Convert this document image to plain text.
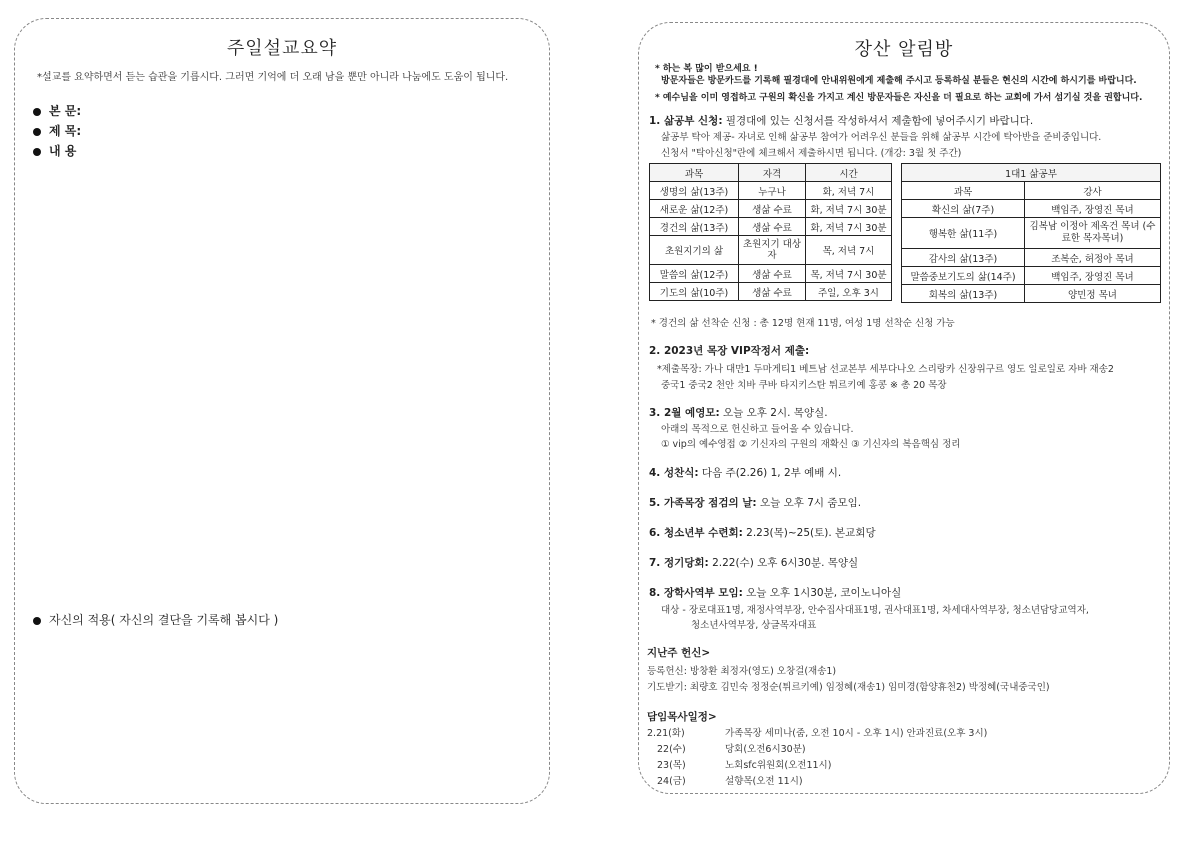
주일설교요약
*설교를 요약하면서 듣는 습관을 기릅시다. 그러면 기억에 더 오래 남을 뿐만 아니라 나눔에도 도움이 됩니다.
본 문:
제 목:
내 용
자신의 적용( 자신의 결단을 기록해 봅시다 )
장산 알림방
* 하는 복 많이 받으세요 !
방문자들은 방문카드를 기록해 필경대에 안내위원에게 제출해 주시고 등록하실 분들은 현신의 시간에 하시기를 바랍니다.
* 예수님을 이미 영접하고 구원의 확신을 가지고 계신 방문자들은 자신을 더 필요로 하는 교회에 가서 섬기실 것을 권합니다.
1. 삶공부 신청: 필경대에 있는 신청서를 작성하셔서 제출함에 넣어주시기 바랍니다.
삶공부 탁아 제공- 자녀로 인해 삶공부 참여가 어려우신 분들을 위해 삶공부 시간에 탁아반을 준비중입니다.
신청서 "탁아신청"란에 체크해서 제출하시면 됩니다. (개강: 3월 첫 주간)
과목	자격	시간
생명의 삶(13주)	누구나	화, 저녁 7시
새로운 삶(12주)	생삶 수료	화, 저녁 7시 30분
경건의 삶(13주)	생삶 수료	화, 저녁 7시 30분
초원지기의 삶	초원지기 대상자	목, 저녁 7시
말씀의 삶(12주)	생삶 수료	목, 저녁 7시 30분
기도의 삶(10주)	생삶 수료	주일, 오후 3시
1대1 삶공부	
과목	강사
확신의 삶(7주)	백임주, 장영진 목녀
행복한 삶(11주)	김복남 이정아 제옥건 목녀 (수료한 목자목녀)
감사의 삶(13주)	조복순, 허정아 목녀
말씀중보기도의 삶(14주)	백임주, 장영진 목녀
회복의 삶(13주)	양민정 목녀
* 경건의 삶 선착순 신청 : 총 12명 현재 11명, 여성 1명 선착순 신청 가능
2. 2023년 목장 VIP작정서 제출:
*제출목장: 가나 대만1 두마게티1 베트남 선교본부 세부다나오 스리랑카 신장위구르 영도 일로일로 자바 재송2
중국1 중국2 천안 치바 쿠바 타지키스탄 튀르키예 홍콩 ※ 총 20 목장
3. 2월 예영모: 오늘 오후 2시. 목양실.
아래의 목적으로 헌신하고 들어올 수 있습니다.
① vip의 예수영접 ② 기신자의 구원의 재확신 ③ 기신자의 복음핵심 정리
4. 성찬식: 다음 주(2.26) 1, 2부 예배 시.
5. 가족목장 점검의 날: 오늘 오후 7시 줌모임.
6. 청소년부 수련회: 2.23(목)~25(토). 본교회당
7. 정기당회: 2.22(수) 오후 6시30분. 목양실
8. 장학사역부 모임: 오늘 오후 1시30분, 코이노니아실
대상 - 장로대표1명, 재정사역부장, 안수집사대표1명, 권사대표1명, 차세대사역부장, 청소년담당교역자,
청소년사역부장, 상글목자대표
지난주 헌신>
등록헌신: 방창환 최정자(영도) 오창걸(재송1)
기도받기: 최량호 김민숙 정정순(튀르키예) 임정혜(재송1) 임미경(함양휴천2) 박정혜(국내중국인)
담임목사일정>
2.21(화)	가족목장 세미나(줌, 오전 10시 - 오후 1시) 안과진료(오후 3시)
22(수)	당회(오전6시30분)
23(목)	노회sfc위원회(오전11시)
24(금)	설향목(오전 11시)
